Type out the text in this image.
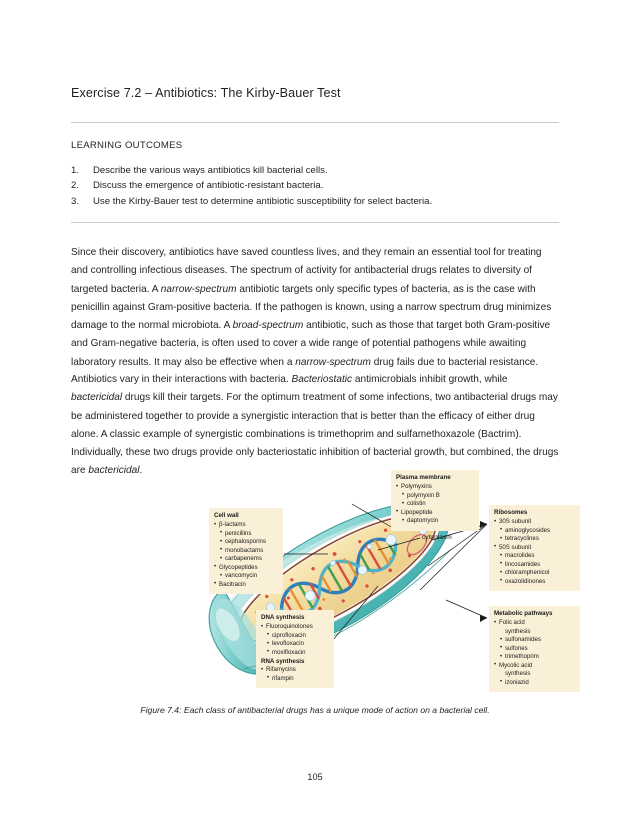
Exercise 7.2 – Antibiotics: The Kirby-Bauer Test
LEARNING OUTCOMES
1. Describe the various ways antibiotics kill bacterial cells.
2. Discuss the emergence of antibiotic-resistant bacteria.
3. Use the Kirby-Bauer test to determine antibiotic susceptibility for select bacteria.

Since their discovery, antibiotics have saved countless lives, and they remain an essential tool for treating and controlling infectious diseases. The spectrum of activity for antibacterial drugs relates to diversity of targeted bacteria. A narrow-spectrum antibiotic targets only specific types of bacteria, as is the case with penicillin against Gram-positive bacteria. If the pathogen is known, using a narrow spectrum drug minimizes damage to the normal microbiota. A broad-spectrum antibiotic, such as those that target both Gram-positive and Gram-negative bacteria, is often used to cover a wide range of potential pathogens while awaiting laboratory results. It may also be effective when a narrow-spectrum drug fails due to bacterial resistance.

Antibiotics vary in their interactions with bacteria. Bacteriostatic antimicrobials inhibit growth, while bactericidal drugs kill their targets. For the optimum treatment of some infections, two antibacterial drugs may be administered together to provide a synergistic interaction that is better than the efficacy of either drug alone. A classic example of synergistic combinations is trimethoprim and sulfamethoxazole (Bactrim). Individually, these two drugs provide only bacteriostatic inhibition of bacterial growth, but combined, the drugs are bactericidal.

cytoplasm
Cell wall
• β-lactams
• penicillins
• cephalosporins
• monobactams
• carbapenems
• Glycopeptides
• vancomycin
• Bacitracin
Plasma membrane
• Polymyxins
• polymyxin B
• colistin
• Lipopeptide
• daptomycin
Ribosomes
• 30S subunit
• aminoglycosides
• tetracyclines
• 50S subunit
• macrolides
• lincosamides
• chloramphenicol
• oxazolidinones
DNA synthesis
• Fluoroquinolones
• ciprofloxacin
• levofloxacin
• moxifloxacin
RNA synthesis
• Rifamycins
• rifampin
Metabolic pathways
• Folic acid
synthesis
• sulfonamides
• sulfones
• trimethoprim
• Mycolic acid
synthesis
• izoniazid
Figure 7.4: Each class of antibacterial drugs has a unique mode of action on a bacterial cell.
105
